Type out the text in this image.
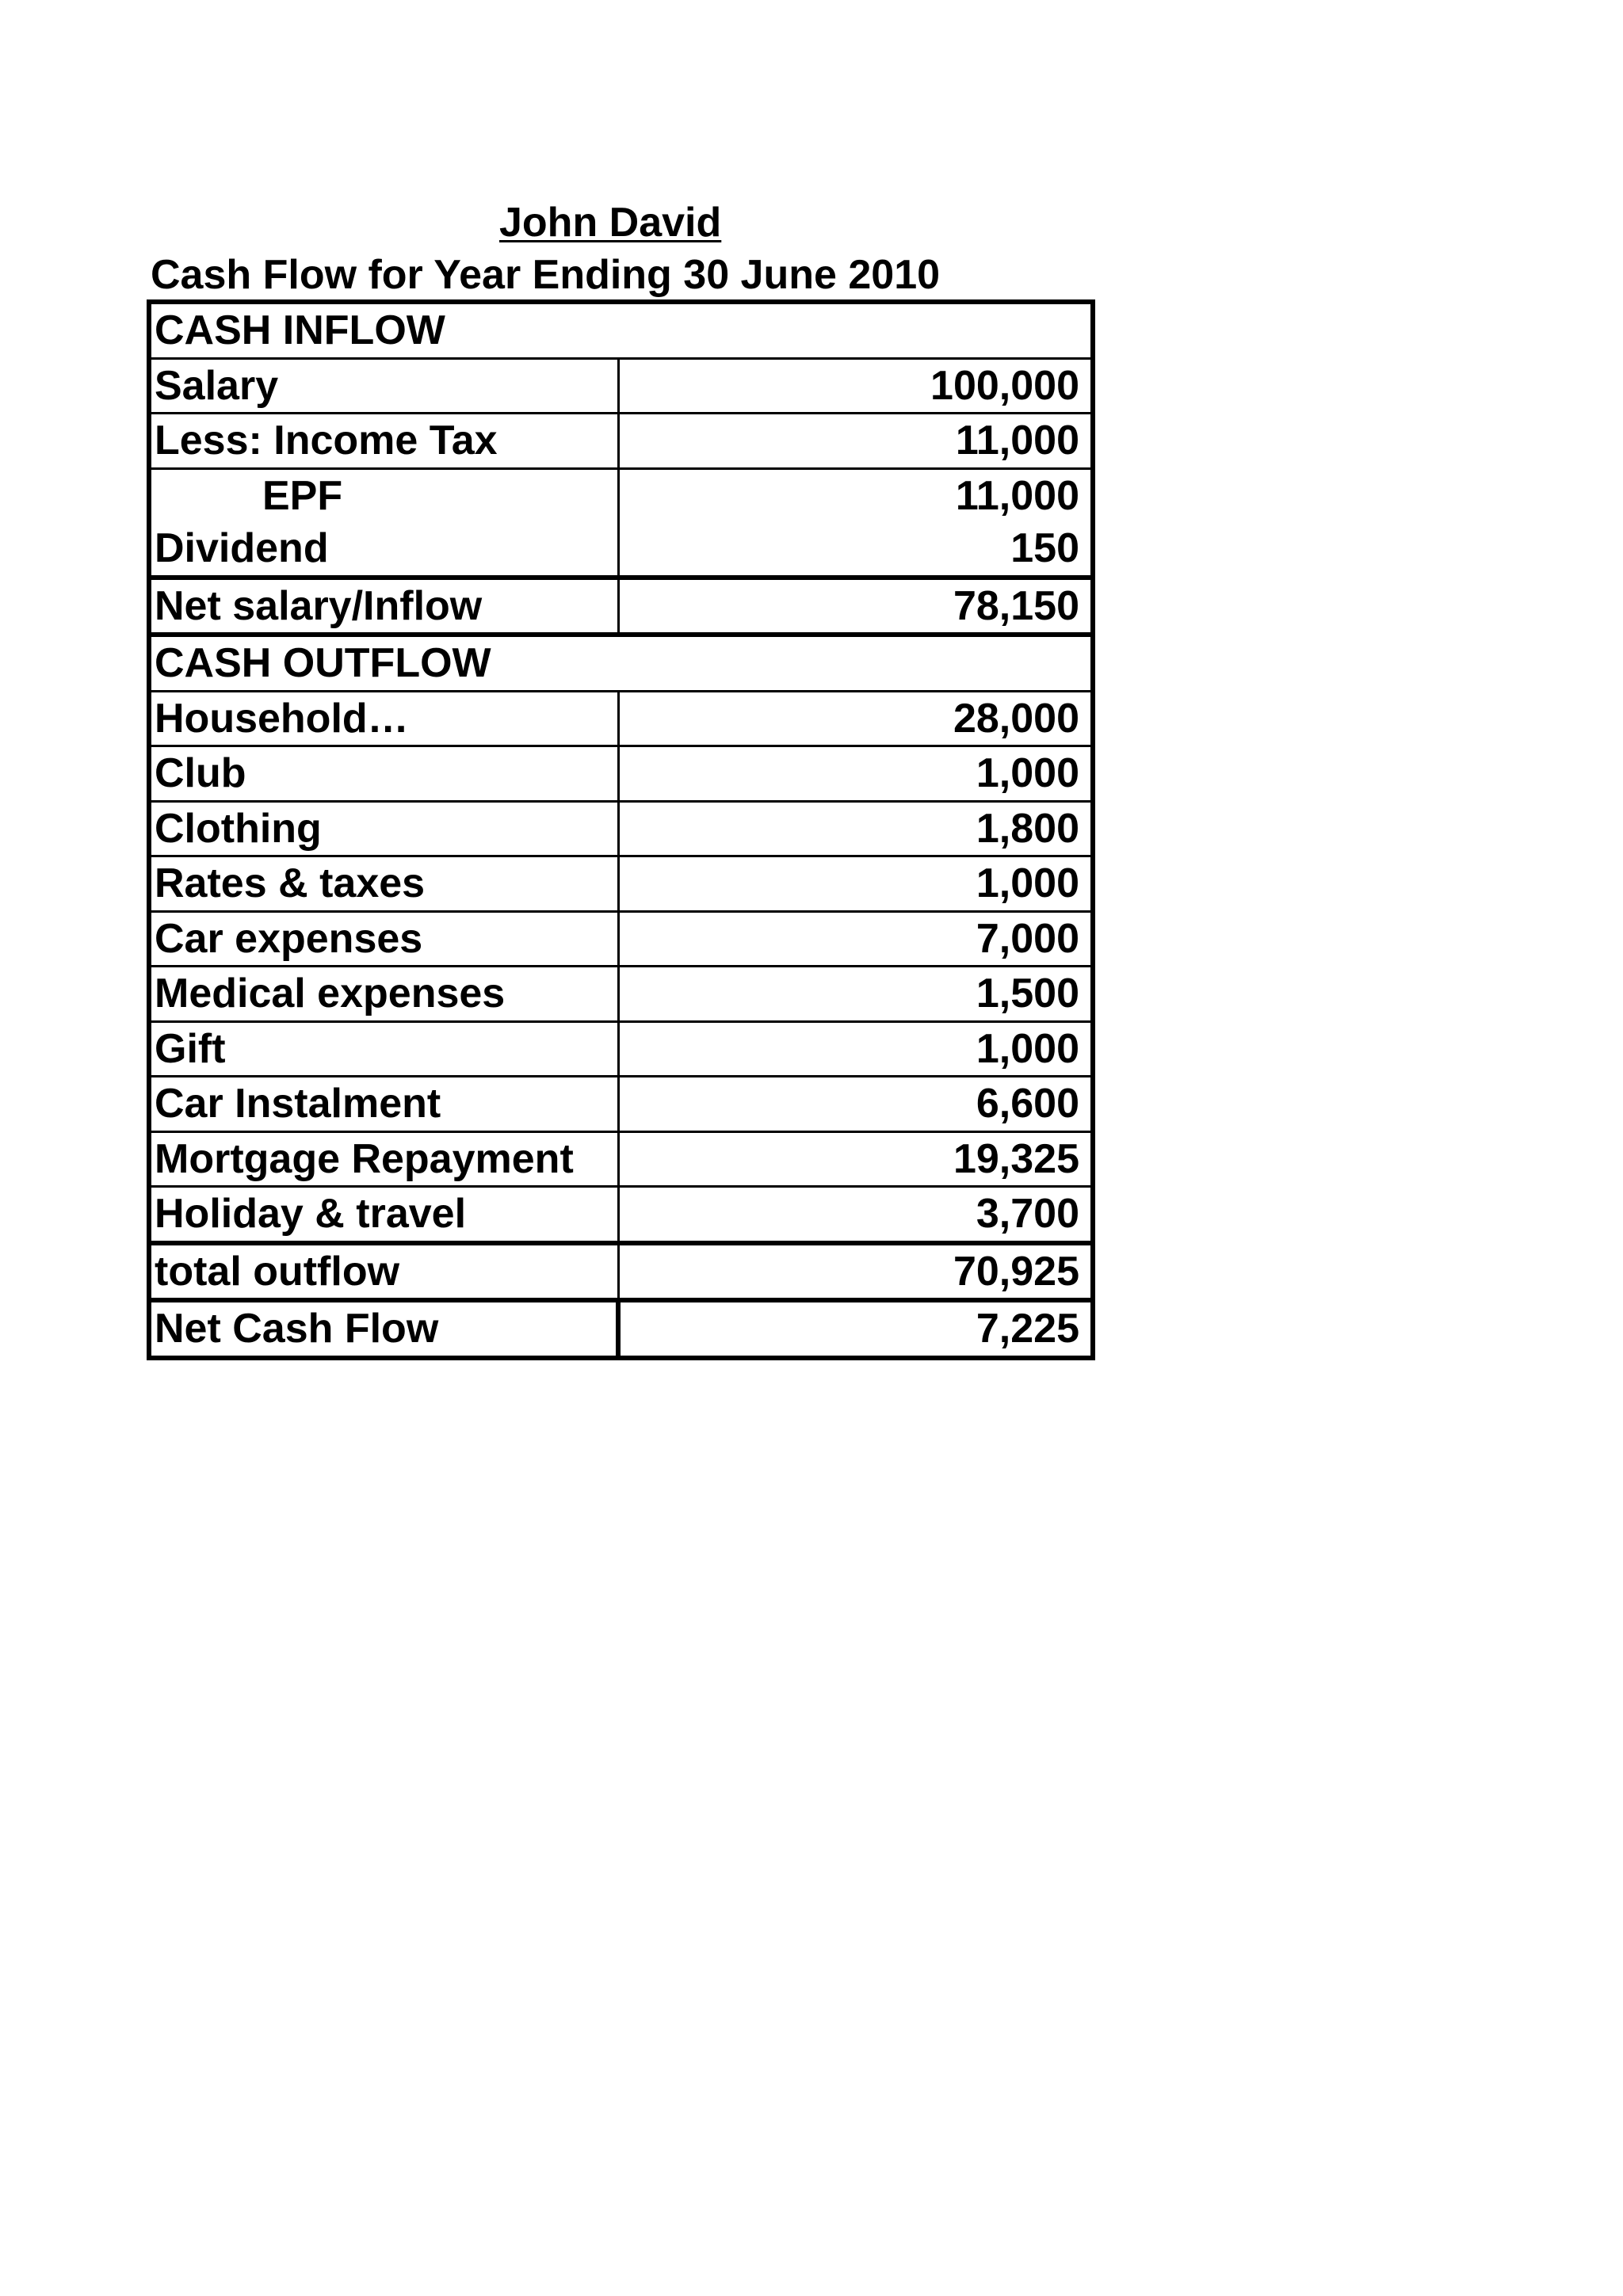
John David
Cash Flow for Year Ending 30 June 2010
CASH INFLOW	
Salary	100,000
Less: Income Tax	11,000
EPF	11,000
Dividend	150
Net salary/Inflow	78,150
CASH OUTFLOW	
Household…	28,000
Club	1,000
Clothing	1,800
Rates & taxes	1,000
Car expenses	7,000
Medical expenses	1,500
Gift	1,000
Car Instalment	6,600
Mortgage Repayment	19,325
Holiday & travel	3,700
total outflow	70,925
Net Cash Flow	7,225
